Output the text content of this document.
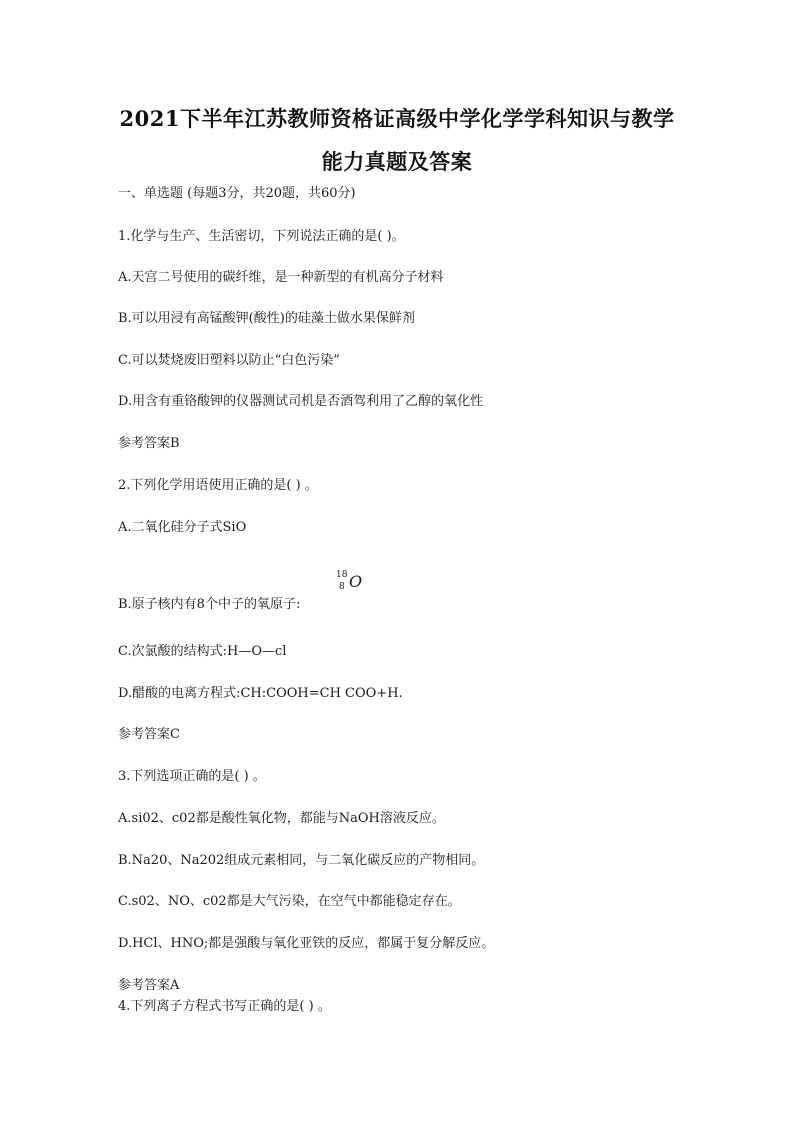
2021下半年江苏教师资格证高级中学化学学科知识与教学
能力真题及答案
一、单选题 (每题3分，共20题，共60分)
1.化学与生产、生活密切，下列说法正确的是( )。
A.天宫二号使用的碳纤维，是一种新型的有机高分子材料
B.可以用浸有高锰酸钾(酸性)的硅藻土做水果保鲜剂
C.可以焚烧废旧塑料以防止“白色污染”
D.用含有重铬酸钾的仪器测试司机是否酒驾利用了乙醇的氧化性
参考答案B
2.下列化学用语使用正确的是( ) 。
A.二氧化硅分子式SiO
B.原子核内有8个中子的氧原子:
18
8 O
C.次氯酸的结构式:H—O—cl
D.醋酸的电离方程式:CH:COOH=CH COO+H.
参考答案C
3.下列选项正确的是( ) 。
A.si02、c02都是酸性氧化物，都能与NaOH溶液反应。
B.Na20、Na202组成元素相同，与二氧化碳反应的产物相同。
C.s02、NO、c02都是大气污染，在空气中都能稳定存在。
D.HCl、HNO;都是强酸与氧化亚铁的反应，都属于复分解反应。
参考答案A
4.下列离子方程式书写正确的是( ) 。
